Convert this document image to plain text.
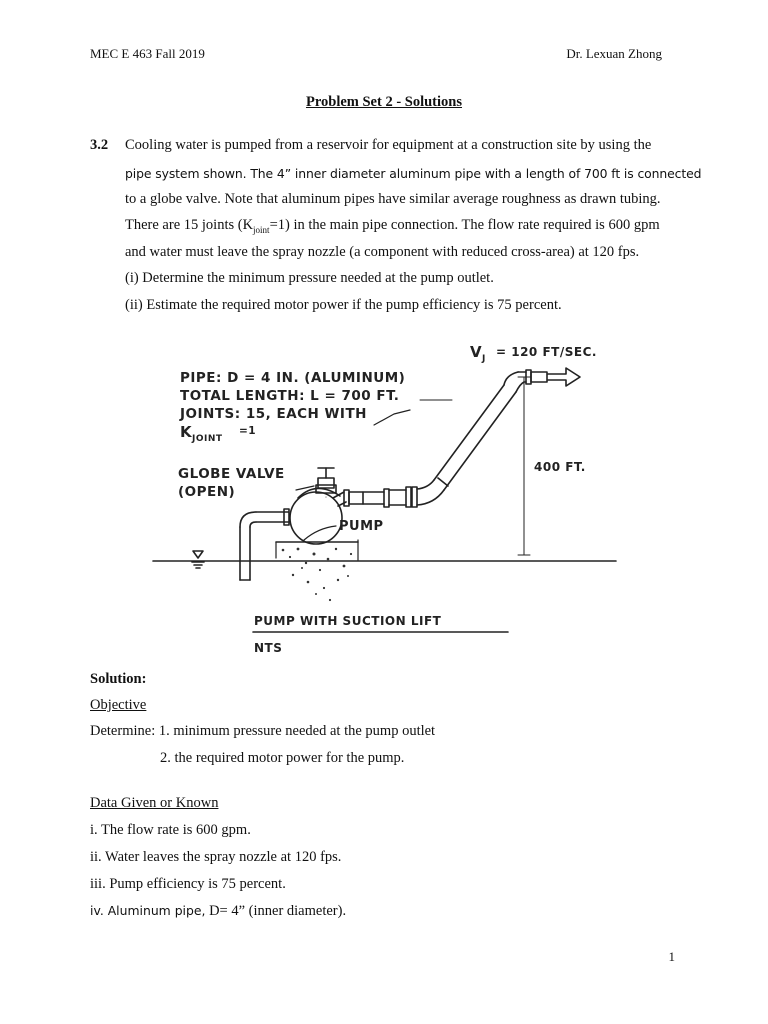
MEC E 463 Fall 2019	Dr. Lexuan Zhong
Problem Set 2 - Solutions
3.2 Cooling water is pumped from a reservoir for equipment at a construction site by using the
pipe system shown. The 4” inner diameter aluminum pipe with a length of 700 ft is connected
to a globe valve. Note that aluminum pipes have similar average roughness as drawn tubing.
There are 15 joints $(K_{joint}=1)$ in the main pipe connection. The flow rate required is 600 gpm
and water must leave the spray nozzle (a component with reduced cross-area) at 120 fps.
(i) Determine the minimum pressure needed at the pump outlet.
(ii) Estimate the required motor power if the pump efficiency is 75 percent.
PIPE: D = 4 IN. (ALUMINUM)
TOTAL LENGTH: L = 700 FT.
JOINTS: 15, EACH WITH
K JOINT
=1
V J = 120 FT/SEC.
GLOBE VALVE
(OPEN)
PUMP
400 FT.
PUMP WITH SUCTION LIFT
NTS
Solution:
Objective
Determine: 1. minimum pressure needed at the pump outlet
2. the required motor power for the pump.
Data Given or Known
i. The flow rate is 600 gpm.
ii. Water leaves the spray nozzle at 120 fps.
iii. Pump efficiency is 75 percent.
iv. Aluminum pipe, D= 4” (inner diameter).
1
